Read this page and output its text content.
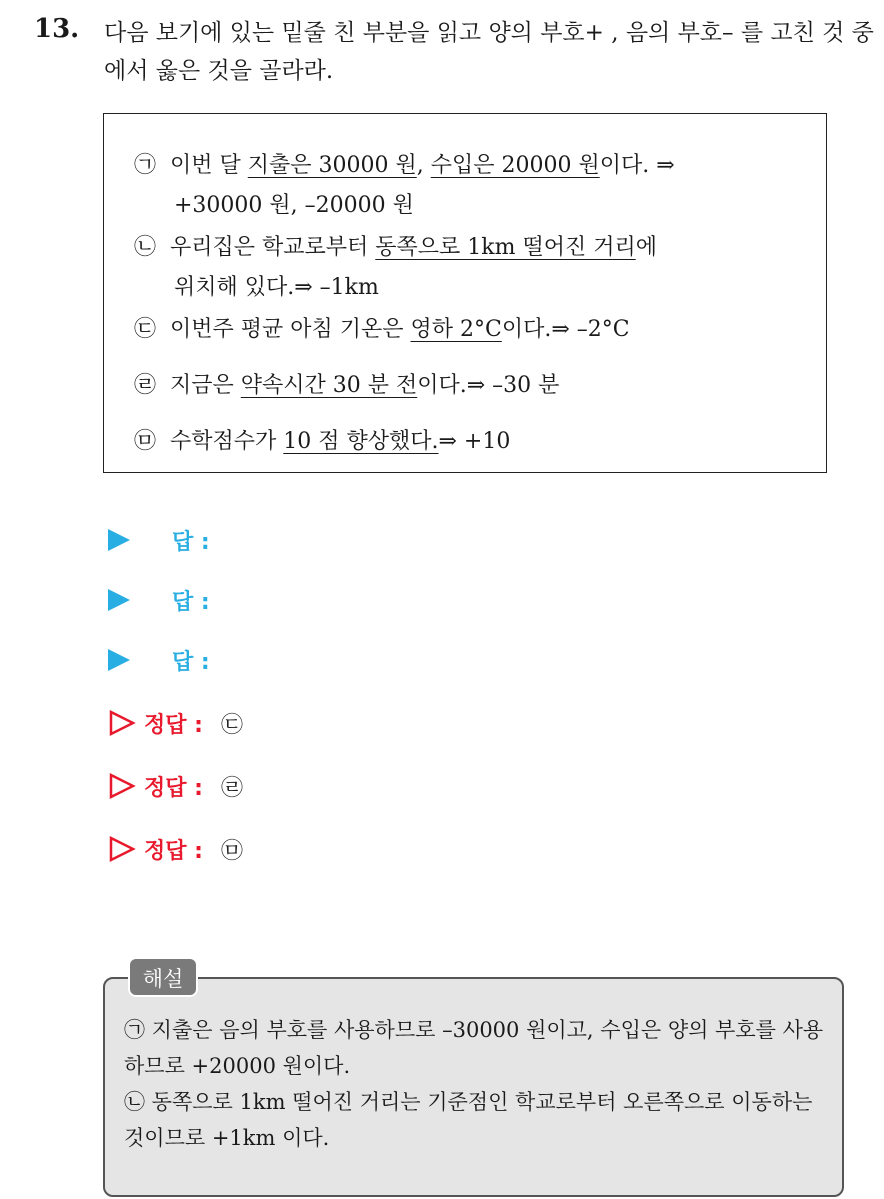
13. 다음 보기에 있는 밑줄 친 부분을 읽고 양의 부호+ , 음의 부호– 를 고친 것 중에서 옳은 것을 골라라.
㉠ 이번 달 지출은 30000 원, 수입은 20000 원이다. ⇒
+30000 원, –20000 원
㉡ 우리집은 학교로부터 동쪽으로 1km 떨어진 거리에
위치해 있다.⇒ –1km
㉢ 이번주 평균 아침 기온은 영하 2°C이다.⇒ –2°C
㉣ 지금은 약속시간 30 분 전이다.⇒ –30 분
㉤ 수학점수가 10 점 향상했다.⇒ +10
답 :
답 :
답 :
정답 : ㉢
정답 : ㉣
정답 : ㉤
해설

㉠ 지출은 음의 부호를 사용하므로 –30000 원이고, 수입은 양의 부호를 사용하므로 +20000 원이다.

㉡ 동쪽으로 1km 떨어진 거리는 기준점인 학교로부터 오른쪽으로 이동하는 것이므로 +1km 이다.
